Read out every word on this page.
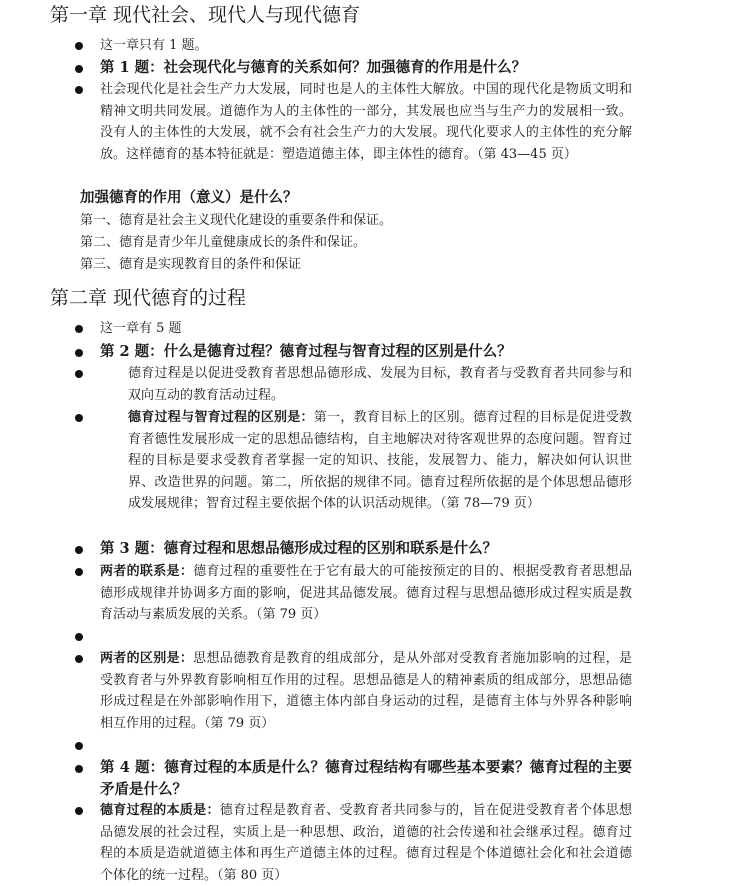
第一章 现代社会、现代人与现代德育
这一章只有 1 题。
第 1 题：社会现代化与德育的关系如何？加强德育的作用是什么？
社会现代化是社会生产力大发展，同时也是人的主体性大解放。中国的现代化是物质文明和精神文明共同发展。道德作为人的主体性的一部分，其发展也应当与生产力的发展相一致。没有人的主体性的大发展，就不会有社会生产力的大发展。现代化要求人的主体性的充分解放。这样德育的基本特征就是：塑造道德主体，即主体性的德育。（第 43—45 页）
加强德育的作用（意义）是什么？
第一、德育是社会主义现代化建设的重要条件和保证。
第二、德育是青少年儿童健康成长的条件和保证。
第三、德育是实现教育目的条件和保证
第二章 现代德育的过程
这一章有 5 题
第 2 题：什么是德育过程？德育过程与智育过程的区别是什么？
德育过程是以促进受教育者思想品德形成、发展为目标，教育者与受教育者共同参与和双向互动的教育活动过程。
德育过程与智育过程的区别是：第一，教育目标上的区别。德育过程的目标是促进受教育者德性发展形成一定的思想品德结构，自主地解决对待客观世界的态度问题。智育过程的目标是要求受教育者掌握一定的知识、技能，发展智力、能力，解决如何认识世界、改造世界的问题。第二，所依据的规律不同。德育过程所依据的是个体思想品德形成发展规律；智育过程主要依据个体的认识活动规律。（第 78—79 页）
第 3 题：德育过程和思想品德形成过程的区别和联系是什么？
两者的联系是：德育过程的重要性在于它有最大的可能按预定的目的、根据受教育者思想品德形成规律并协调多方面的影响，促进其品德发展。德育过程与思想品德形成过程实质是教育活动与素质发展的关系。（第 79 页）
两者的区别是：思想品德教育是教育的组成部分，是从外部对受教育者施加影响的过程，是受教育者与外界教育影响相互作用的过程。思想品德是人的精神素质的组成部分，思想品德形成过程是在外部影响作用下，道德主体内部自身运动的过程，是德育主体与外界各种影响相互作用的过程。（第 79 页）
第 4 题：德育过程的本质是什么？德育过程结构有哪些基本要素？德育过程的主要矛盾是什么？
德育过程的本质是：德育过程是教育者、受教育者共同参与的，旨在促进受教育者个体思想品德发展的社会过程，实质上是一种思想、政治，道德的社会传递和社会继承过程。德育过程的本质是造就道德主体和再生产道德主体的过程。德育过程是个体道德社会化和社会道德个体化的统一过程。（第 80 页）
